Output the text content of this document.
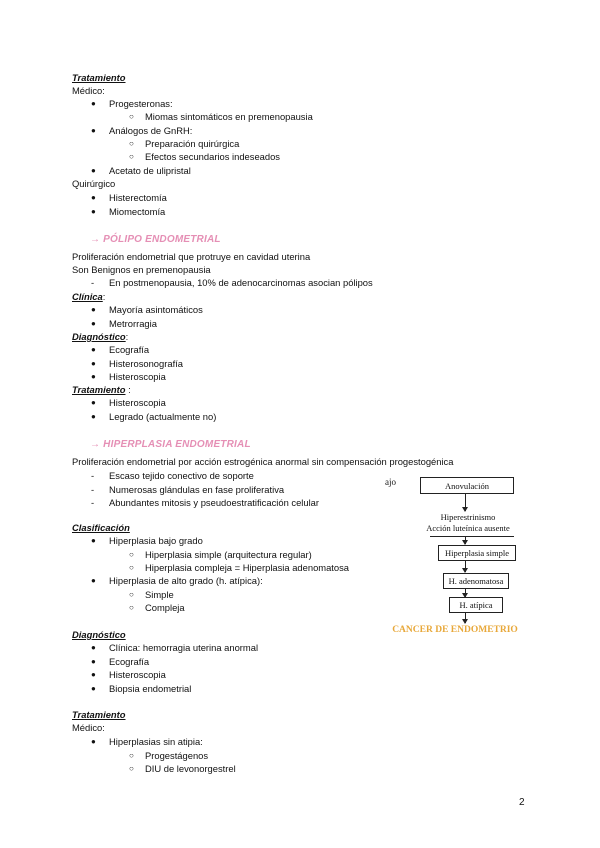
Tratamiento
Médico:
● Progesteronas:
○ Miomas sintomáticos en premenopausia
● Análogos de GnRH:
○ Preparación quirúrgica
○ Efectos secundarios indeseados
● Acetato de ulipristal
Quirúrgico
● Histerectomía
● Miomectomía
→ PÓLIPO ENDOMETRIAL
Proliferación endometrial que protruye en cavidad uterina
Son Benignos en premenopausia
- En postmenopausia, 10% de adenocarcinomas asocian pólipos
Clínica:
● Mayoría asintomáticos
● Metrorragia
Diagnóstico:
● Ecografía
● Histerosonografía
● Histeroscopia
Tratamiento :
● Histeroscopia
● Legrado (actualmente no)
→ HIPERPLASIA ENDOMETRIAL
Proliferación endometrial por acción estrogénica anormal sin compensación progestogénica
- Escaso tejido conectivo de soporte
- Numerosas glándulas en fase proliferativa
- Abundantes mitosis y pseudoestratificación celular
Clasificación
● Hiperplasia bajo grado
○ Hiperplasia simple (arquitectura regular)
○ Hiperplasia compleja = Hiperplasia adenomatosa
● Hiperplasia de alto grado (h. atípica):
○ Simple
○ Compleja
Diagnóstico
● Clínica: hemorragia uterina anormal
● Ecografía
● Histeroscopia
● Biopsia endometrial
Tratamiento
Médico:
● Hiperplasias sin atipia:
○ Progestágenos
○ DIU de levonorgestrel
2
ajo	Anovulación
Hiperestrinismo
Acción luteínica ausente
Hiperplasia simple
H. adenomatosa
H. atípica
CANCER DE ENDOMETRIO
